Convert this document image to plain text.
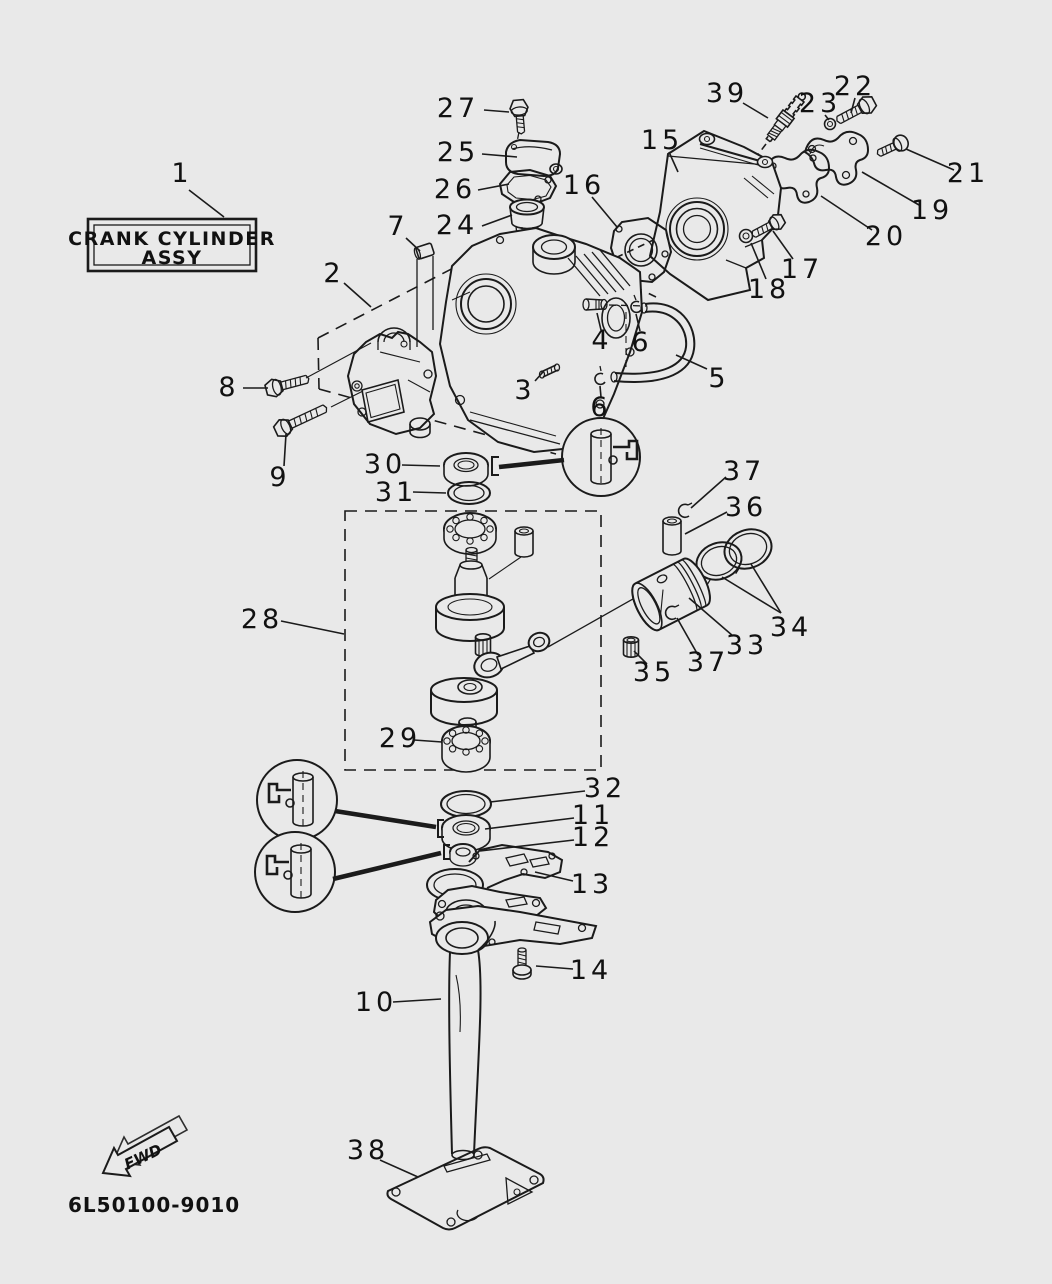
CRANK CYLINDER
ASSY
FWD
6L50100-9010
1
27
25
26
24
39 23
22
21
19
20
15
16
17
18
2
7
4 6
3
6
5
8
9	30
31
28
37
36
34
33
35 37
29
32
11
12
13
14
10
38
